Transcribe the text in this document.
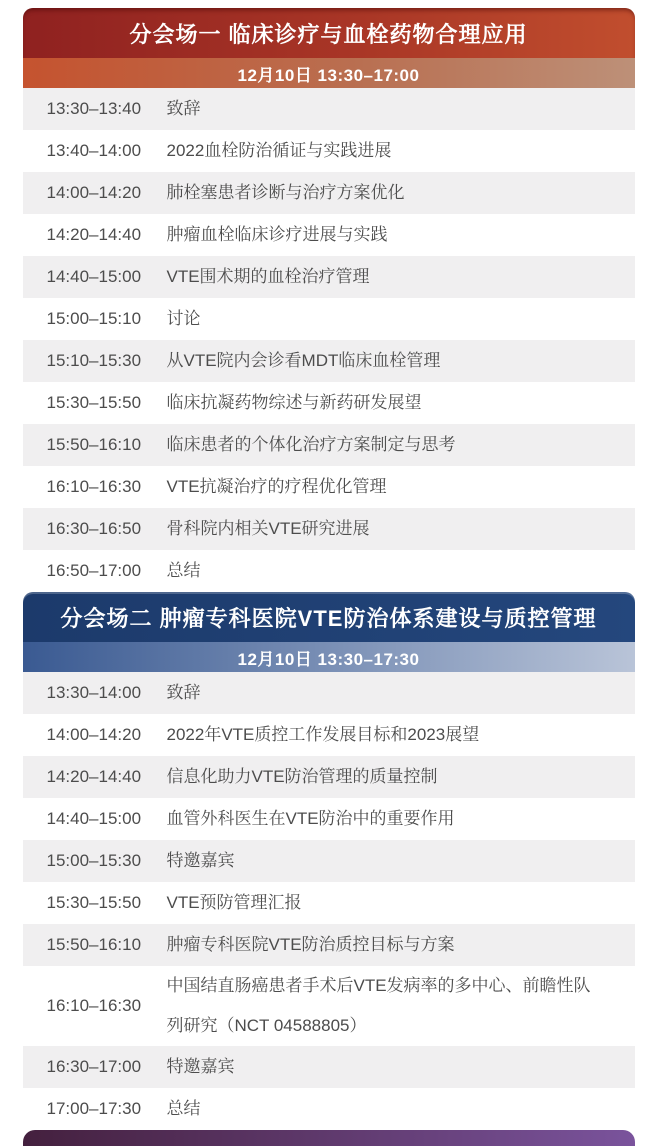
分会场一 临床诊疗与血栓药物合理应用
12月10日 13:30–17:00
13:30–13:40	致辞
13:40–14:00	2022血栓防治循证与实践进展
14:00–14:20	肺栓塞患者诊断与治疗方案优化
14:20–14:40	肿瘤血栓临床诊疗进展与实践
14:40–15:00	VTE围术期的血栓治疗管理
15:00–15:10	讨论
15:10–15:30	从VTE院内会诊看MDT临床血栓管理
15:30–15:50	临床抗凝药物综述与新药研发展望
15:50–16:10	临床患者的个体化治疗方案制定与思考
16:10–16:30	VTE抗凝治疗的疗程优化管理
16:30–16:50	骨科院内相关VTE研究进展
16:50–17:00	总结
分会场二 肿瘤专科医院VTE防治体系建设与质控管理
12月10日 13:30–17:30
13:30–14:00	致辞
14:00–14:20	2022年VTE质控工作发展目标和2023展望
14:20–14:40	信息化助力VTE防治管理的质量控制
14:40–15:00	血管外科医生在VTE防治中的重要作用
15:00–15:30	特邀嘉宾
15:30–15:50	VTE预防管理汇报
15:50–16:10	肿瘤专科医院VTE防治质控目标与方案
16:10–16:30
中国结直肠癌患者手术后VTE发病率的多中心、前瞻性队列研究（NCT 04588805）
16:30–17:00	特邀嘉宾
17:00–17:30	总结
